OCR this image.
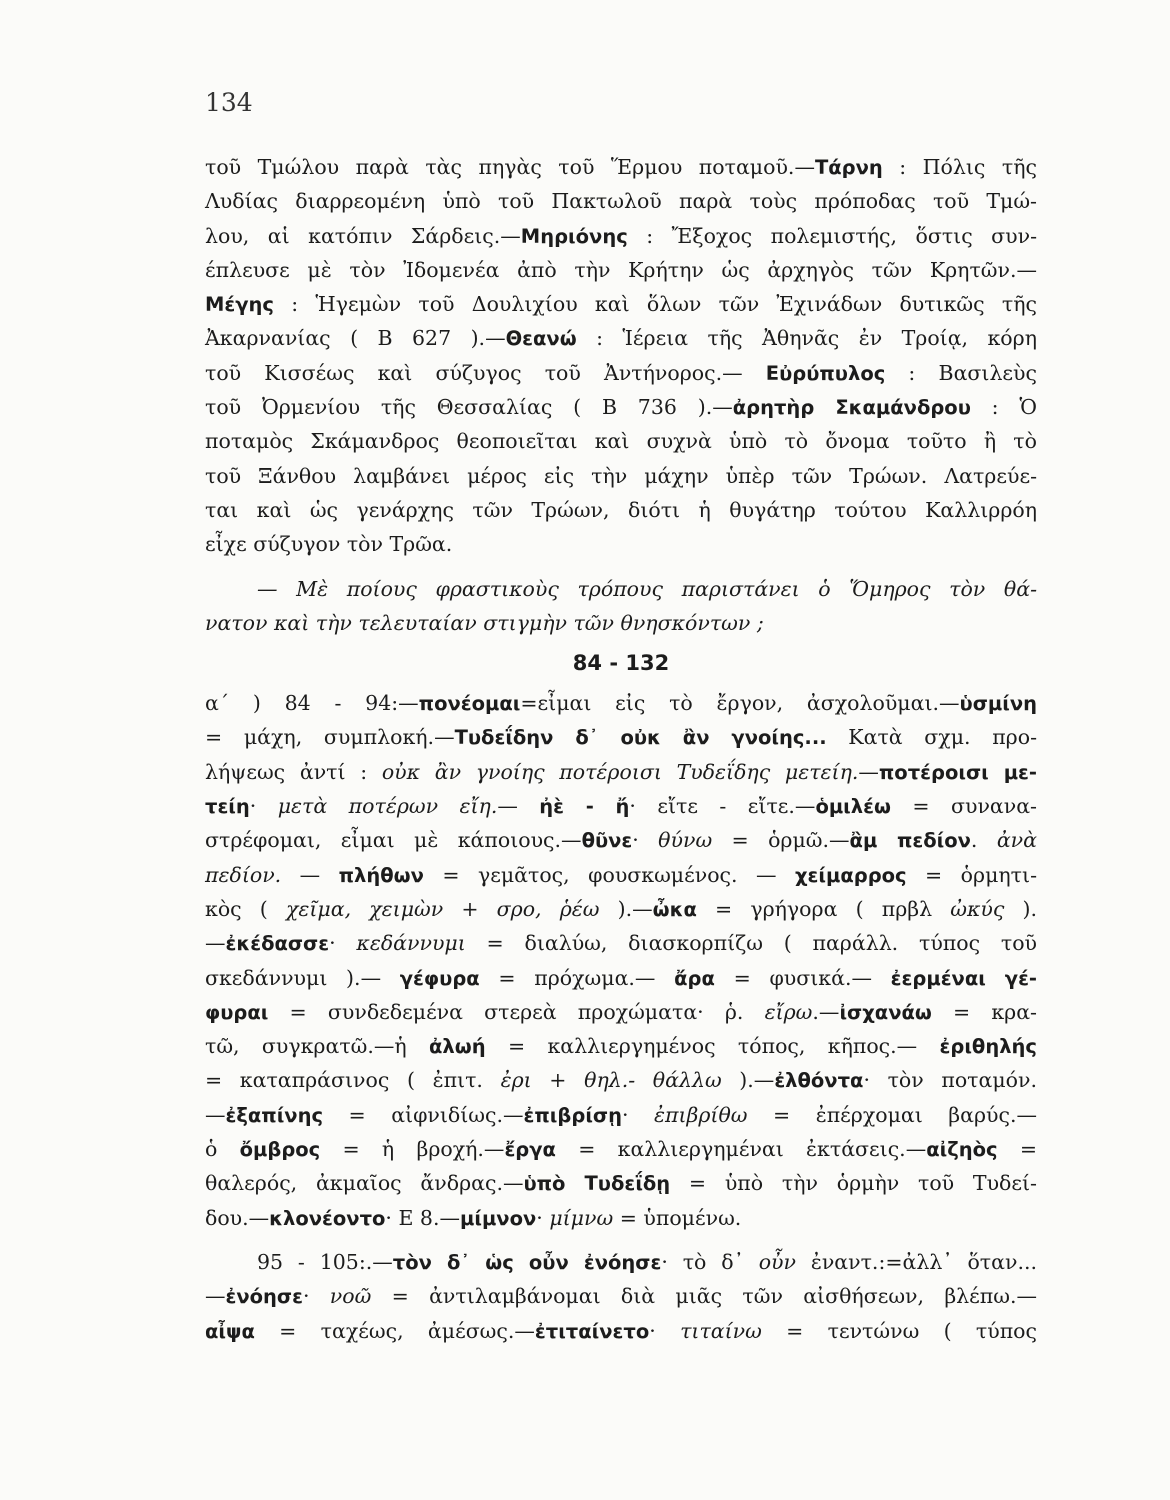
134
τοῦ Τμώλου παρὰ τὰς πηγὰς τοῦ Ἕρμου ποταμοῦ.—Τάρνη : Πόλις τῆς
Λυδίας διαρρεομένη ὑπὸ τοῦ Πακτωλοῦ παρὰ τοὺς πρόποδας τοῦ Τμώ-
λου, αἱ κατόπιν Σάρδεις.—Μηριόνης : Ἔξοχος πολεμιστής, ὅστις συν-
έπλευσε μὲ τὸν Ἰδομενέα ἀπὸ τὴν Κρήτην ὡς ἀρχηγὸς τῶν Κρητῶν.—
Μέγης : Ἡγεμὼν τοῦ Δουλιχίου καὶ ὅλων τῶν Ἐχινάδων δυτικῶς τῆς
Ἀκαρνανίας ( Β 627 ).—Θεανώ : Ἱέρεια τῆς Ἀθηνᾶς ἐν Τροίᾳ, κόρη
τοῦ Κισσέως καὶ σύζυγος τοῦ Ἀντήνορος.— Εὐρύπυλος : Βασιλεὺς
τοῦ Ὀρμενίου τῆς Θεσσαλίας ( Β 736 ).—ἀρητὴρ Σκαμάνδρου : Ὁ
ποταμὸς Σκάμανδρος θεοποιεῖται καὶ συχνὰ ὑπὸ τὸ ὄνομα τοῦτο ἢ τὸ
τοῦ Ξάνθου λαμβάνει μέρος εἰς τὴν μάχην ὑπὲρ τῶν Τρώων. Λατρεύε-
ται καὶ ὡς γενάρχης τῶν Τρώων, διότι ἡ θυγάτηρ τούτου Καλλιρρόη
εἶχε σύζυγον τὸν Τρῶα.
— Μὲ ποίους φραστικοὺς τρόπους παριστάνει ὁ Ὅμηρος τὸν θά-
νατον καὶ τὴν τελευταίαν στιγμὴν τῶν θνησκόντων ;
84 - 132
α΄ ) 84 - 94:—πονέομαι=εἶμαι εἰς τὸ ἔργον, ἀσχολοῦμαι.—ὑσμίνη
= μάχη, συμπλοκή.—Τυδεΐδην δ᾽ οὐκ ἂν γνοίης... Κατὰ σχμ. προ-
λήψεως ἀντί : οὐκ ἂν γνοίης ποτέροισι Τυδεΐδης μετείη.—ποτέροισι με-
τείη· μετὰ ποτέρων εἴη.— ἠὲ - ἤ· εἴτε - εἴτε.—ὁμιλέω = συνανα-
στρέφομαι, εἶμαι μὲ κάποιους.—θῦνε· θύνω = ὁρμῶ.—ἂμ πεδίον. ἀνὰ
πεδίον. — πλήθων = γεμᾶτος, φουσκωμένος. — χείμαρρος = ὁρμητι-
κὸς ( χεῖμα, χειμὼν + σρο, ῥέω ).—ὦκα = γρήγορα ( πρβλ ὠκύς ).
—ἐκέδασσε· κεδάννυμι = διαλύω, διασκορπίζω ( παράλλ. τύπος τοῦ
σκεδάννυμι ).— γέφυρα = πρόχωμα.— ἄρα = φυσικά.— ἐερμέναι γέ-
φυραι = συνδεδεμένα στερεὰ προχώματα· ῥ. εἴρω.—ἰσχανάω = κρα-
τῶ, συγκρατῶ.—ἡ ἀλωή = καλλιεργημένος τόπος, κῆπος.— ἐριθηλής
= καταπράσινος ( ἐπιτ. ἐρι + θηλ.- θάλλω ).—ἐλθόντα· τὸν ποταμόν.
—ἐξαπίνης = αἰφνιδίως.—ἐπιβρίσῃ· ἐπιβρίθω = ἐπέρχομαι βαρύς.—
ὁ ὄμβρος = ἡ βροχή.—ἔργα = καλλιεργημέναι ἐκτάσεις.—αἰζηὸς =
θαλερός, ἀκμαῖος ἄνδρας.—ὑπὸ Τυδεΐδῃ = ὑπὸ τὴν ὁρμὴν τοῦ Τυδεί-
δου.—κλονέοντο· Ε 8.—μίμνον· μίμνω = ὑπομένω.
95 - 105:.—τὸν δ᾽ ὡς οὖν ἐνόησε· τὸ δ᾽ οὖν ἐναντ.:=ἀλλ᾽ ὅταν...
—ἐνόησε· νοῶ = ἀντιλαμβάνομαι διὰ μιᾶς τῶν αἰσθήσεων, βλέπω.—
αἶψα = ταχέως, ἀμέσως.—ἐτιταίνετο· τιταίνω = τεντώνω ( τύπος
